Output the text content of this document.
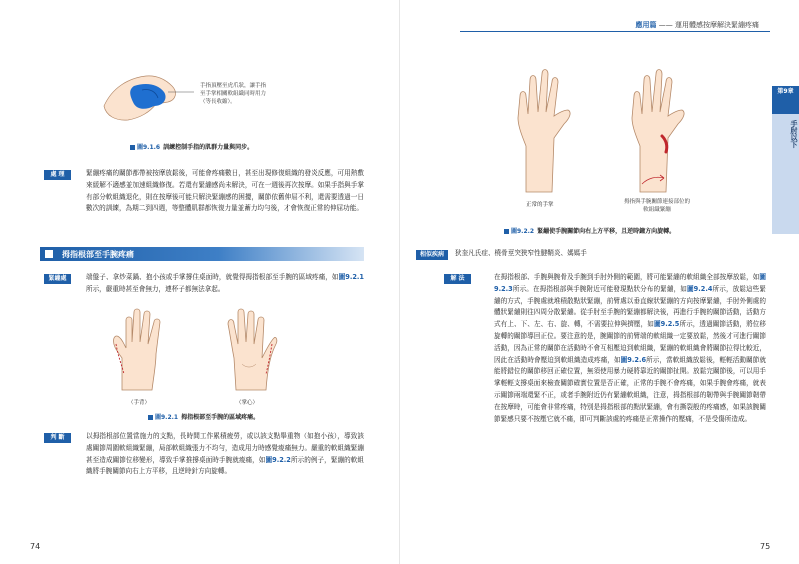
手指頂壓至虎爪狀，讓手指至手掌相關軟組織同時用力（等長收縮）。
圖9.1.6 訓練控制手指的肌群力量與同步。
處 理	緊繃疼痛的關節都帶被按摩放鬆後，可能會疼痛數日，甚至出現修復組織的發炎反應，可用熱敷來緩解不適感並加速組織修復。若還有緊繃感尚未解決，可在一週後再次按摩。如果手指與手掌有部分軟組織退化，則在按摩後可能只解決緊繃感的困擾，關節依舊伸屈不利，還需要透過一日數次的訓練，為期二到四週，等整體肌群都恢復力量並蓄力均勻後，才會恢復正常的伸屈功能。
拇指根部至手腕疼痛
緊繃處	端盤子、拿炒菜鍋、抱小孩或手掌撐住桌面時，就覺得拇指根部至手腕的區域疼痛，如圖9.2.1所示，嚴重時甚至會無力，連杯子都無法拿起。
（手背）	（掌心）
圖9.2.1 拇指根部至手腕的區域疼痛。
判 斷	以拇指根部位置當施力的支點，長時間工作累積疲勞，或以該支點舉重物（如抱小孩），導致該處關節周圍軟組織緊繃，局部軟組織張力不均勻，造成用力時感覺痠痛無力。嚴重的軟組織緊繃甚至造成關節位移變形，導致手掌推撐桌面時手腕就痠痛，如圖9.2.2所示的例子，緊繃的軟組織將手腕關節向右上方平移，且逆時針方向旋轉。
74
應用篇 —— 運用體感按摩解決緊繃疼痛
第9章
手肘以下
正常的手掌	拇指與手腕關節連接部位的軟組織緊繃
圖9.2.2 緊繃使手腕關節向右上方平移，且逆時鐘方向旋轉。
相似疾病	狄奎凡氏症、橈骨莖突狹窄性腱鞘炎、媽媽手
解 法	在拇指根部、手腕與腕骨及手腕到手肘外側的範圍，將可能緊繃的軟組織全部按摩放鬆，如圖9.2.3所示。在拇指根部與手腕附近可能發現點狀分布的緊繃，如圖9.2.4所示，放鬆這些緊繃的方式，手腕處就堆積散點狀緊繃，前臂處以垂直線狀緊繃的方向按摩緊繃，手肘外側處的體狀緊繃則往四周分散緊繃。從手肘至手腕的緊繃都解決後，再進行手腕的關節活動，活動方式有上、下、左、右、旋、轉，不需要拉伸與擠壓，如圖9.2.5所示，透過關節活動，將位移旋轉的關節導回正位。要注意的是，腕關節的前臂端的軟組織一定要放鬆，然後才可進行關節活動，因為正常的關節在活動時不會互相壓迫到軟組織，緊繃的軟組織會將關節拉得比較近，因此在活動時會壓迫到軟組織造成疼痛，如圖9.2.6所示，當軟組織放鬆後，輕輕活動關節就能將錯位的關節移回正確位置，無須使用暴力硬將靠近的關節扯開。放鬆完關節後，可以用手掌輕輕支撐桌面來檢查關節確實位置是否正確，正常的手腕不會疼痛，如果手腕會疼痛，就表示關節兩端還緊不正，或者手腕附近仍有緊繃軟組織，注意，拇指根部的韌帶與手腕關節韌帶在按摩時，可能會非常疼痛，特別是拇指根部的點狀緊繃，會有撕裂般的疼痛感，如果該腕關節緊感只要不按壓它就不痛，即可判斷該處的疼痛是正常操作的壓痛，不是受傷所造成。
75
